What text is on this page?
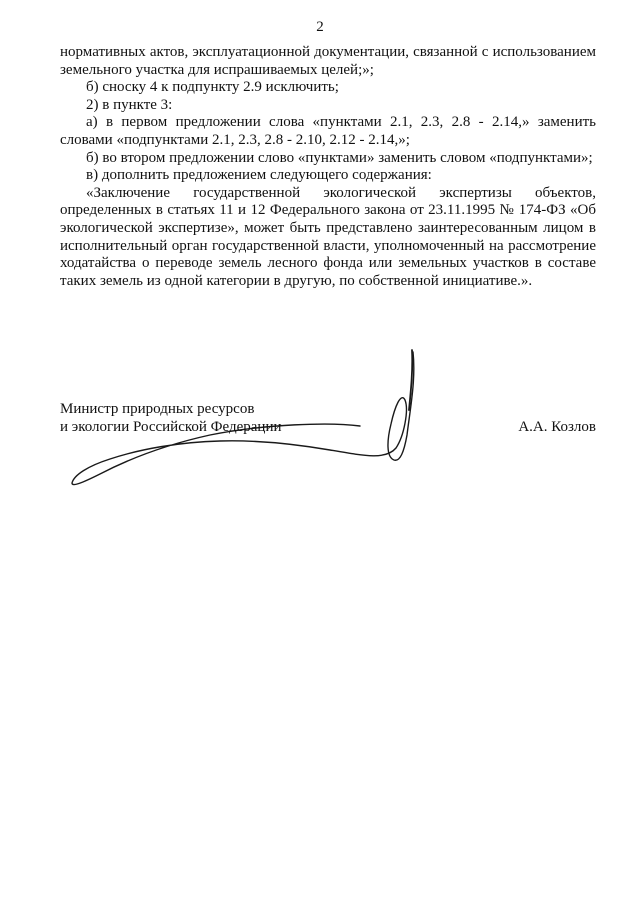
2

нормативных актов, эксплуатационной документации, связанной с использованием земельного участка для испрашиваемых целей;»;

б) сноску 4 к подпункту 2.9 исключить;

2) в пункте 3:

а) в первом предложении слова «пунктами 2.1, 2.3, 2.8 - 2.14,» заменить словами «подпунктами 2.1, 2.3, 2.8 - 2.10, 2.12 - 2.14,»;

б) во втором предложении слово «пунктами» заменить словом «подпунктами»;

в) дополнить предложением следующего содержания:

«Заключение государственной экологической экспертизы объектов, определенных в статьях 11 и 12 Федерального закона от 23.11.1995 № 174-ФЗ «Об экологической экспертизе», может быть представлено заинтересованным лицом в исполнительный орган государственной власти, уполномоченный на рассмотрение ходатайства о переводе земель лесного фонда или земельных участков в составе таких земель из одной категории в другую, по собственной инициативе.».

Министр природных ресурсов
и экологии Российской Федерации	А.А. Козлов
